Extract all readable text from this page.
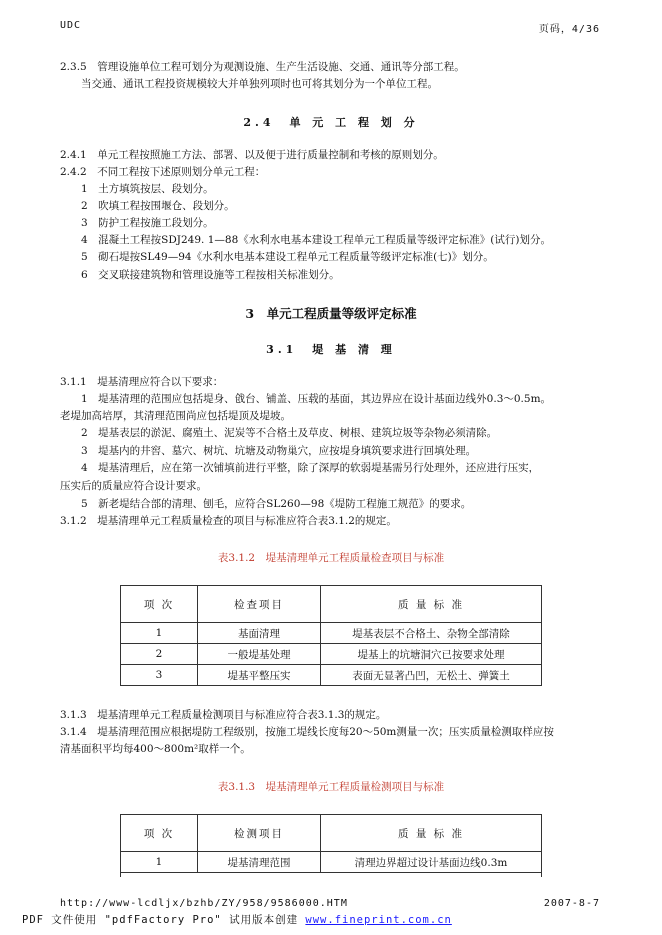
UDC	页码，4/36
2.3.5　管理设施单位工程可划分为观测设施、生产生活设施、交通、通讯等分部工程。
当交通、通讯工程投资规模较大并单独列项时也可将其划分为一个单位工程。
2.4　单 元 工 程 划 分
2.4.1　单元工程按照施工方法、部署、以及便于进行质量控制和考核的原则划分。
2.4.2　不同工程按下述原则划分单元工程：
1　土方填筑按层、段划分。
2　吹填工程按围堰仓、段划分。
3　防护工程按施工段划分。
4　混凝土工程按SDJ249. 1—88《水利水电基本建设工程单元工程质量等级评定标准》(试行)划分。
5　砌石堤按SL49—94《水利水电基本建设工程单元工程质量等级评定标准(七)》划分。
6　交叉联接建筑物和管理设施等工程按相关标准划分。
3　单元工程质量等级评定标准
3.1　堤 基 清 理
3.1.1　堤基清理应符合以下要求：
1　堤基清理的范围应包括堤身、戗台、铺盖、压载的基面，其边界应在设计基面边线外0.3～0.5m。
老堤加高培厚，其清理范围尚应包括堤顶及堤坡。
2　堤基表层的淤泥、腐殖土、泥炭等不合格土及草皮、树根、建筑垃圾等杂物必须清除。
3　堤基内的井窖、墓穴、树坑、坑塘及动物巢穴，应按堤身填筑要求进行回填处理。
4　堤基清理后，应在第一次铺填前进行平整，除了深厚的软弱堤基需另行处理外，还应进行压实，
压实后的质量应符合设计要求。
5　新老堤结合部的清理、刨毛，应符合SL260—98《堤防工程施工规范》的要求。
3.1.2　堤基清理单元工程质量检查的项目与标准应符合表3.1.2的规定。
表3.1.2　堤基清理单元工程质量检查项目与标准
项 次	检查项目	质 量 标 准
1	基面清理	堤基表层不合格土、杂物全部清除
2	一般堤基处理	堤基上的坑塘洞穴已按要求处理
3	堤基平整压实	表面无显著凸凹，无松土、弹簧土
3.1.3　堤基清理单元工程质量检测项目与标准应符合表3.1.3的规定。
3.1.4　堤基清理范围应根据堤防工程级别，按施工堤线长度每20～50m测量一次；压实质量检测取样应按
清基面积平均每400～800m²取样一个。
表3.1.3　堤基清理单元工程质量检测项目与标准
项 次	检测项目	质 量 标 准
1	堤基清理范围	清理边界超过设计基面边线0.3m
http://www-lcdljx/bzhb/ZY/958/9586000.HTM	2007-8-7
PDF 文件使用 "pdfFactory Pro" 试用版本创建 www.fineprint.com.cn
